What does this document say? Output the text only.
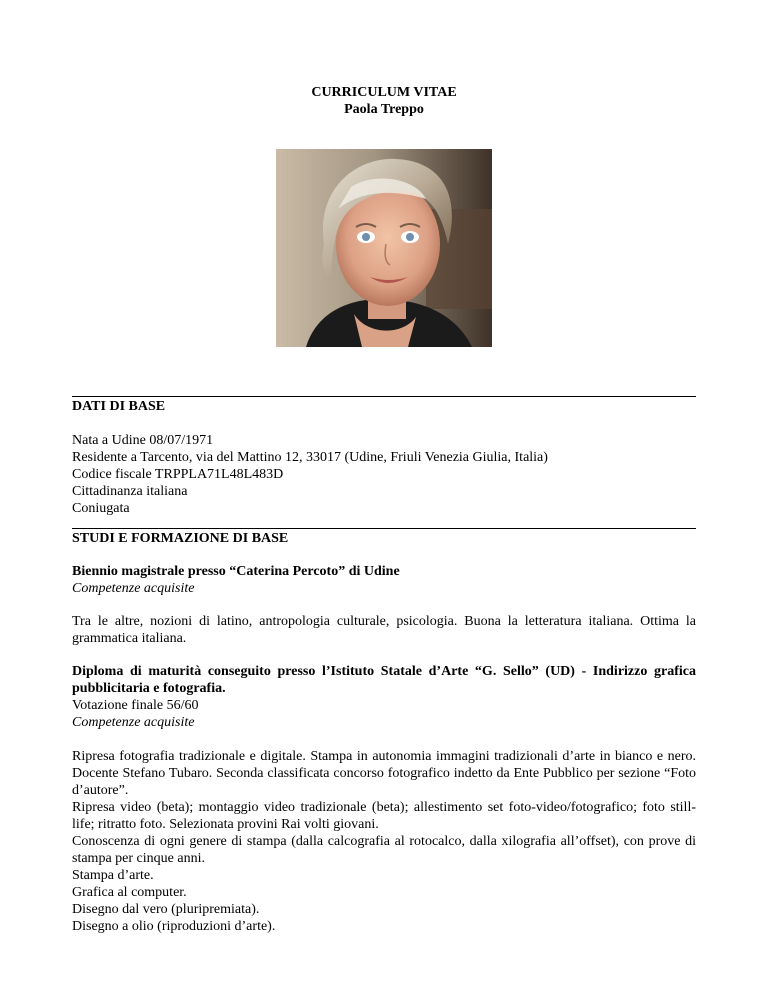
CURRICULUM VITAE
Paola Treppo
DATI DI BASE
Nata a Udine 08/07/1971
Residente a Tarcento, via del Mattino 12, 33017 (Udine, Friuli Venezia Giulia, Italia)
Codice fiscale TRPPLA71L48L483D
Cittadinanza italiana
Coniugata
STUDI E FORMAZIONE DI BASE
Biennio magistrale presso “Caterina Percoto” di Udine
Competenze acquisite
Tra le altre, nozioni di latino, antropologia culturale, psicologia. Buona la letteratura italiana. Ottima la grammatica italiana.
Diploma di maturità conseguito presso l’Istituto Statale d’Arte “G. Sello” (UD) - Indirizzo grafica pubblicitaria e fotografia.
Votazione finale 56/60
Competenze acquisite
Ripresa fotografia tradizionale e digitale. Stampa in autonomia immagini tradizionali d’arte in bianco e nero. Docente Stefano Tubaro. Seconda classificata concorso fotografico indetto da Ente Pubblico per sezione “Foto d’autore”.
Ripresa video (beta); montaggio video tradizionale (beta); allestimento set foto-video/fotografico; foto still-life; ritratto foto. Selezionata provini Rai volti giovani.
Conoscenza di ogni genere di stampa (dalla calcografia al rotocalco, dalla xilografia all’offset), con prove di stampa per cinque anni.
Stampa d’arte.
Grafica al computer.
Disegno dal vero (pluripremiata).
Disegno a olio (riproduzioni d’arte).
